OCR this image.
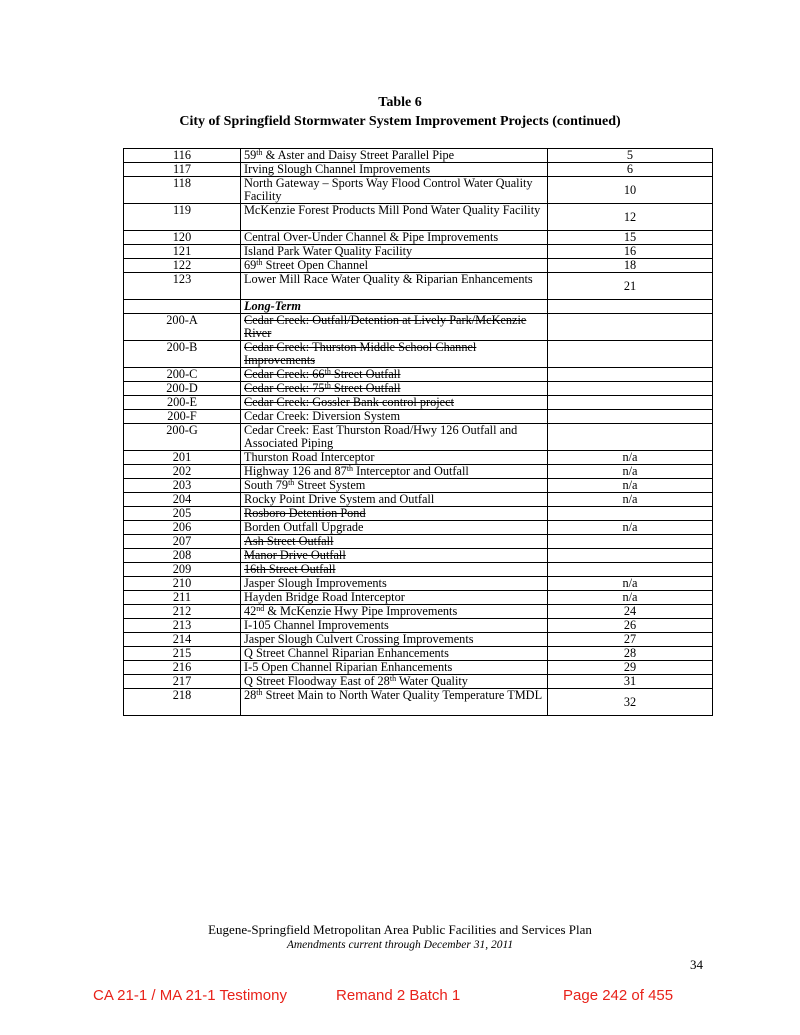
Table 6
City of Springfield Stormwater System Improvement Projects (continued)
116	59th & Aster and Daisy Street Parallel Pipe	5
117	Irving Slough Channel Improvements	6
118	North Gateway – Sports Way Flood Control Water Quality Facility	10
119	McKenzie Forest Products Mill Pond Water Quality Facility	12
120	Central Over-Under Channel & Pipe Improvements	15
121	Island Park Water Quality Facility	16
122	69th Street Open Channel	18
123	Lower Mill Race Water Quality & Riparian Enhancements	21
	Long-Term	
200-A	Cedar Creek: Outfall/Detention at Lively Park/McKenzie River	
200-B	Cedar Creek: Thurston Middle School Channel Improvements	
200-C	Cedar Creek: 66th Street Outfall	
200-D	Cedar Creek: 75th Street Outfall	
200-E	Cedar Creek: Gossler Bank control project	
200-F	Cedar Creek: Diversion System	
200-G	Cedar Creek: East Thurston Road/Hwy 126 Outfall and Associated Piping	
201	Thurston Road Interceptor	n/a
202	Highway 126 and 87th Interceptor and Outfall	n/a
203	South 79th Street System	n/a
204	Rocky Point Drive System and Outfall	n/a
205	Rosboro Detention Pond	
206	Borden Outfall Upgrade	n/a
207	Ash Street Outfall	
208	Manor Drive Outfall	
209	16th Street Outfall	
210	Jasper Slough Improvements	n/a
211	Hayden Bridge Road Interceptor	n/a
212	42nd & McKenzie Hwy Pipe Improvements	24
213	I-105 Channel Improvements	26
214	Jasper Slough Culvert Crossing Improvements	27
215	Q Street Channel Riparian Enhancements	28
216	I-5 Open Channel Riparian Enhancements	29
217	Q Street Floodway East of 28th Water Quality	31
218	28th Street Main to North Water Quality Temperature TMDL	32
Eugene-Springfield Metropolitan Area Public Facilities and Services Plan
Amendments current through December 31, 2011
34
CA 21-1 / MA 21-1 Testimony	Remand 2 Batch 1	Page 242 of 455
